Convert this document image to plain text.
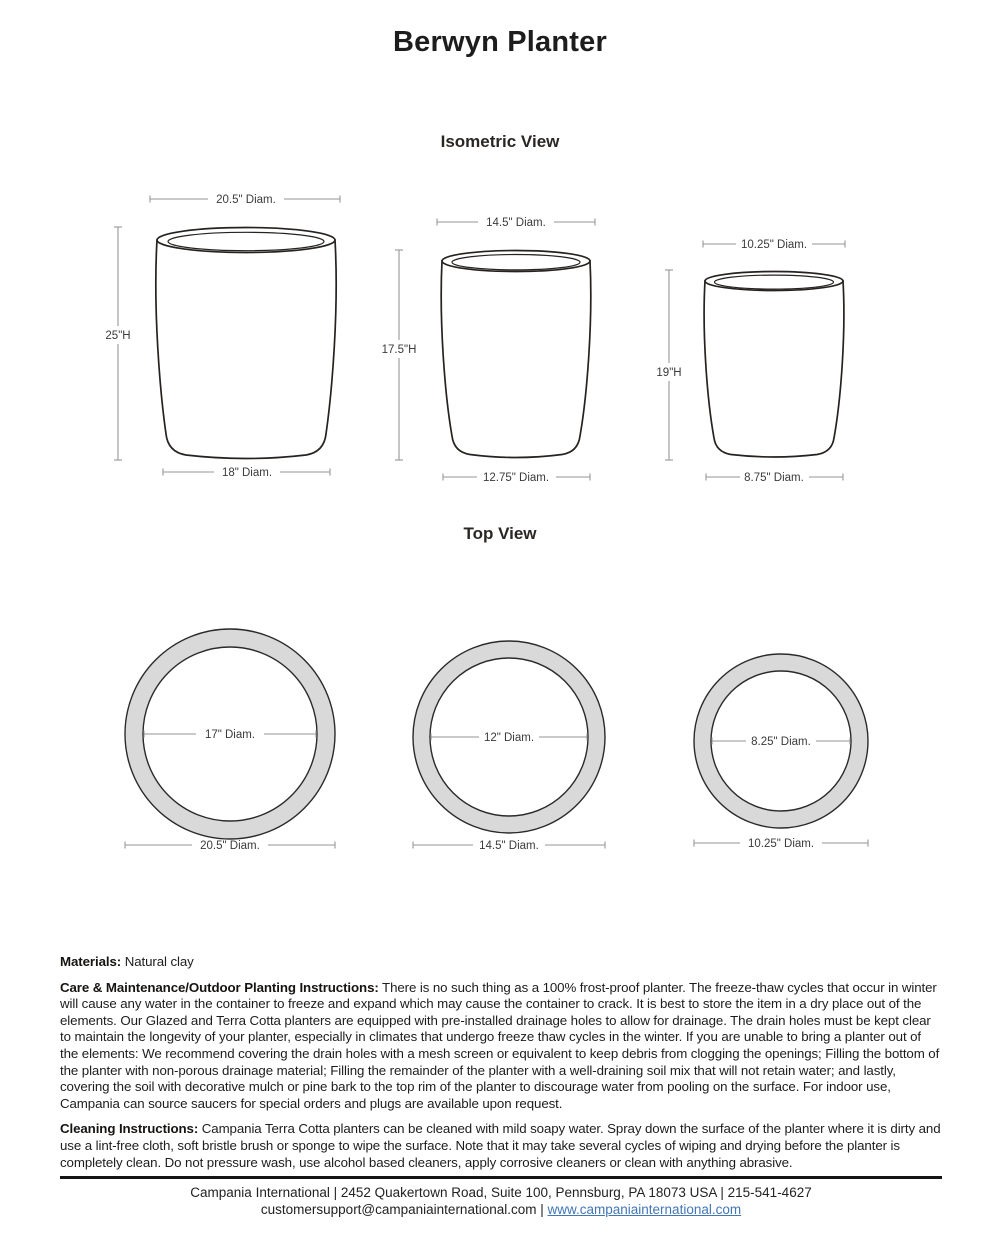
Berwyn Planter
Isometric View
20.5" Diam.
25"H
18" Diam.
14.5" Diam.
17.5"H
12.75" Diam.
10.25" Diam.
19"H
8.75" Diam.
Top View
17" Diam.
20.5" Diam.
12" Diam.
14.5" Diam.
8.25" Diam.
10.25" Diam.

Materials: Natural clay

Care & Maintenance/Outdoor Planting Instructions: There is no such thing as a 100% frost-proof planter. The freeze-thaw cycles that occur in winter will cause any water in the container to freeze and expand which may cause the container to crack. It is best to store the item in a dry place out of the elements. Our Glazed and Terra Cotta planters are equipped with pre-installed drainage holes to allow for drainage. The drain holes must be kept clear to maintain the longevity of your planter, especially in climates that undergo freeze thaw cycles in the winter. If you are unable to bring a planter out of the elements: We recommend covering the drain holes with a mesh screen or equivalent to keep debris from clogging the openings; Filling the bottom of the planter with non-porous drainage material; Filling the remainder of the planter with a well-draining soil mix that will not retain water; and lastly, covering the soil with decorative mulch or pine bark to the top rim of the planter to discourage water from pooling on the surface. For indoor use, Campania can source saucers for special orders and plugs are available upon request.

Cleaning Instructions: Campania Terra Cotta planters can be cleaned with mild soapy water. Spray down the surface of the planter where it is dirty and use a lint-free cloth, soft bristle brush or sponge to wipe the surface. Note that it may take several cycles of wiping and drying before the planter is completely clean. Do not pressure wash, use alcohol based cleaners, apply corrosive cleaners or clean with anything abrasive.

Campania International | 2452 Quakertown Road, Suite 100, Pennsburg, PA 18073 USA | 215-541-4627
customersupport@campaniainternational.com | www.campaniainternational.com
